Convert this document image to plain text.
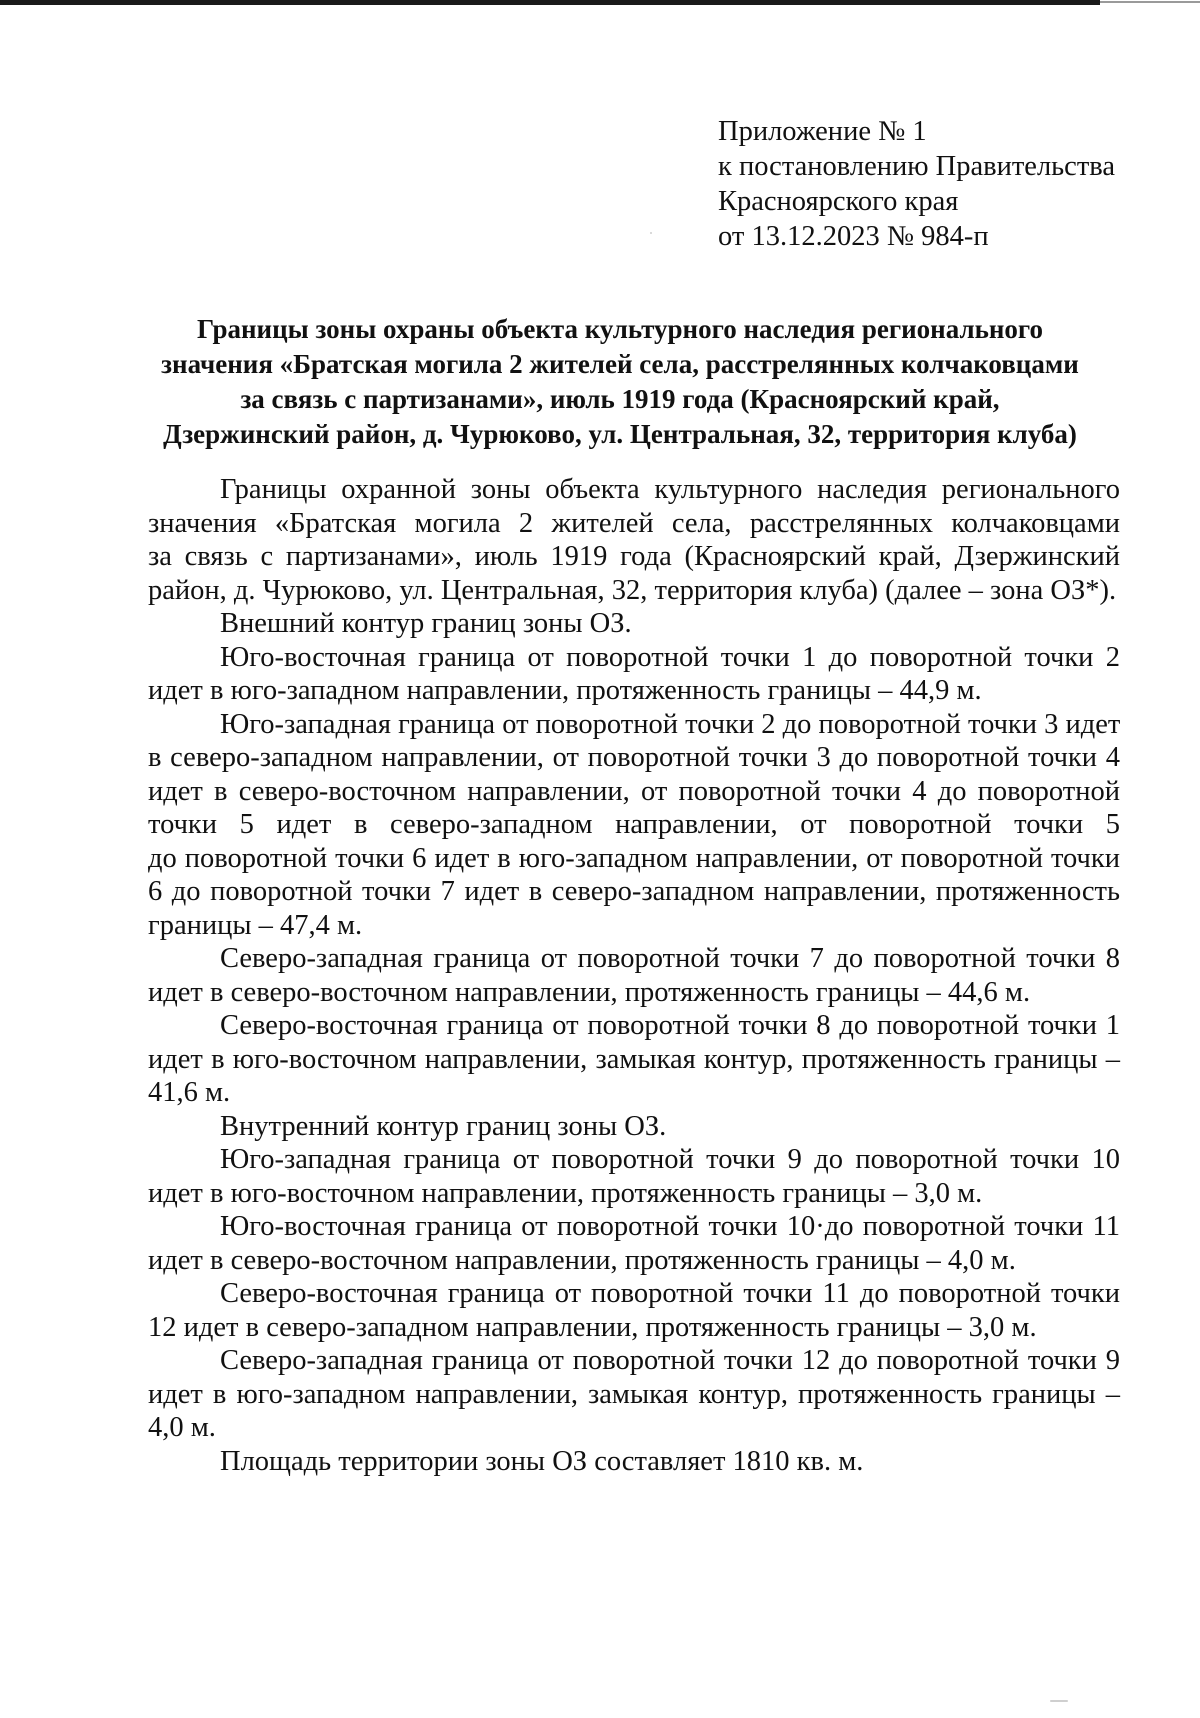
Приложение № 1
к постановлению Правительства
Красноярского края
от 13.12.2023 № 984-п
Границы зоны охраны объекта культурного наследия регионального
значения «Братская могила 2 жителей села, расстрелянных колчаковцами
за связь с партизанами», июль 1919 года (Красноярский край,
Дзержинский район, д. Чурюково, ул. Центральная, 32, территория клуба)
Границы охранной зоны объекта культурного наследия регионального
значения «Братская могила 2 жителей села, расстрелянных колчаковцами
за связь с партизанами», июль 1919 года (Красноярский край, Дзержинский
район, д. Чурюково, ул. Центральная, 32, территория клуба) (далее – зона ОЗ*).
Внешний контур границ зоны ОЗ.
Юго-восточная граница от поворотной точки 1 до поворотной точки 2
идет в юго-западном направлении, протяженность границы – 44,9 м.
Юго-западная граница от поворотной точки 2 до поворотной точки 3 идет
в северо-западном направлении, от поворотной точки 3 до поворотной точки 4
идет в северо-восточном направлении, от поворотной точки 4 до поворотной
точки 5 идет в северо-западном направлении, от поворотной точки 5
до поворотной точки 6 идет в юго-западном направлении, от поворотной точки
6 до поворотной точки 7 идет в северо-западном направлении, протяженность
границы – 47,4 м.
Северо-западная граница от поворотной точки 7 до поворотной точки 8
идет в северо-восточном направлении, протяженность границы – 44,6 м.
Северо-восточная граница от поворотной точки 8 до поворотной точки 1
идет в юго-восточном направлении, замыкая контур, протяженность границы –
41,6 м.
Внутренний контур границ зоны ОЗ.
Юго-западная граница от поворотной точки 9 до поворотной точки 10
идет в юго-восточном направлении, протяженность границы – 3,0 м.
Юго-восточная граница от поворотной точки 10·до поворотной точки 11
идет в северо-восточном направлении, протяженность границы – 4,0 м.
Северо-восточная граница от поворотной точки 11 до поворотной точки
12 идет в северо-западном направлении, протяженность границы – 3,0 м.
Северо-западная граница от поворотной точки 12 до поворотной точки 9
идет в юго-западном направлении, замыкая контур, протяженность границы –
4,0 м.
Площадь территории зоны ОЗ составляет 1810 кв. м.
